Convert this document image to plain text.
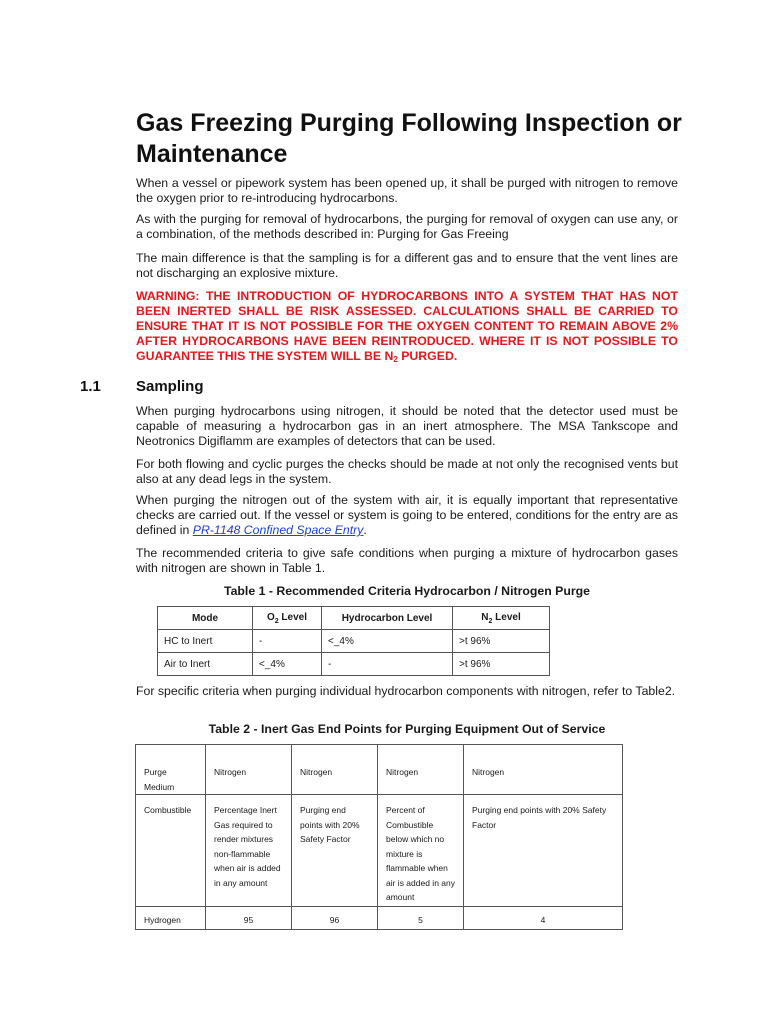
Gas Freezing Purging Following Inspection or Maintenance

When a vessel or pipework system has been opened up, it shall be purged with nitrogen to remove the oxygen prior to re-introducing hydrocarbons.

As with the purging for removal of hydrocarbons, the purging for removal of oxygen can use any, or a combination, of the methods described in: Purging for Gas Freeing

The main difference is that the sampling is for a different gas and to ensure that the vent lines are not discharging an explosive mixture.

WARNING: THE INTRODUCTION OF HYDROCARBONS INTO A SYSTEM THAT HAS NOT BEEN INERTED SHALL BE RISK ASSESSED. CALCULATIONS SHALL BE CARRIED TO ENSURE THAT IT IS NOT POSSIBLE FOR THE OXYGEN CONTENT TO REMAIN ABOVE 2% AFTER HYDROCARBONS HAVE BEEN REINTRODUCED. WHERE IT IS NOT POSSIBLE TO GUARANTEE THIS THE SYSTEM WILL BE $N_2$ PURGED.

1.1 Sampling

When purging hydrocarbons using nitrogen, it should be noted that the detector used must be capable of measuring a hydrocarbon gas in an inert atmosphere. The MSA Tankscope and Neotronics Digiflamm are examples of detectors that can be used.

For both flowing and cyclic purges the checks should be made at not only the recognised vents but also at any dead legs in the system.

When purging the nitrogen out of the system with air, it is equally important that representative checks are carried out. If the vessel or system is going to be entered, conditions for the entry are as defined in PR-1148 Confined Space Entry.

The recommended criteria to give safe conditions when purging a mixture of hydrocarbon gases with nitrogen are shown in Table 1.

Table 1 - Recommended Criteria Hydrocarbon / Nitrogen Purge

Mode	$O_2$ Level	Hydrocarbon Level	$N_2$ Level
HC to Inert	-	<_4%	>t 96%
Air to Inert	<_4%	-	>t 96%

For specific criteria when purging individual hydrocarbon components with nitrogen, refer to Table2.

Table 2 - Inert Gas End Points for Purging Equipment Out of Service

Purge Medium	Nitrogen	Nitrogen	Nitrogen	Nitrogen
Combustible	Percentage Inert Gas required to render mixtures non-flammable when air is added in any amount	Purging end points with 20% Safety Factor	Percent of Combustible below which no mixture is flammable when air is added in any amount	Purging end points with 20% Safety Factor
Hydrogen	95	96	5	4
